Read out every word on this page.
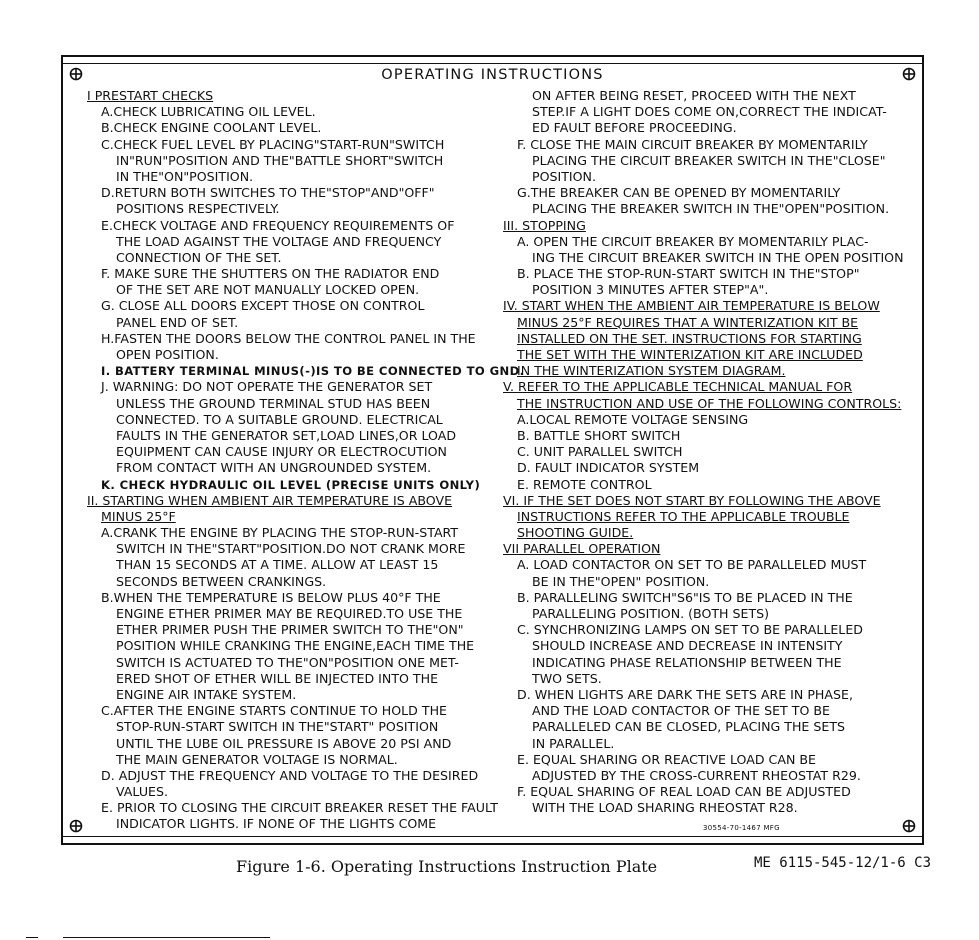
OPERATING INSTRUCTIONS
I PRESTART CHECKS
A.CHECK LUBRICATING OIL LEVEL.
B.CHECK ENGINE COOLANT LEVEL.
C.CHECK FUEL LEVEL BY PLACING"START-RUN"SWITCH
IN"RUN"POSITION AND THE"BATTLE SHORT"SWITCH
IN THE"ON"POSITION.
D.RETURN BOTH SWITCHES TO THE"STOP"AND"OFF"
POSITIONS RESPECTIVELY.
E.CHECK VOLTAGE AND FREQUENCY REQUIREMENTS OF
THE LOAD AGAINST THE VOLTAGE AND FREQUENCY
CONNECTION OF THE SET.
F. MAKE SURE THE SHUTTERS ON THE RADIATOR END
OF THE SET ARE NOT MANUALLY LOCKED OPEN.
G. CLOSE ALL DOORS EXCEPT THOSE ON CONTROL
PANEL END OF SET.
H.FASTEN THE DOORS BELOW THE CONTROL PANEL IN THE
OPEN POSITION.
I. BATTERY TERMINAL MINUS(-)IS TO BE CONNECTED TO GND.
J. WARNING: DO NOT OPERATE THE GENERATOR SET
UNLESS THE GROUND TERMINAL STUD HAS BEEN
CONNECTED. TO A SUITABLE GROUND. ELECTRICAL
FAULTS IN THE GENERATOR SET,LOAD LINES,OR LOAD
EQUIPMENT CAN CAUSE INJURY OR ELECTROCUTION
FROM CONTACT WITH AN UNGROUNDED SYSTEM.
K. CHECK HYDRAULIC OIL LEVEL (PRECISE UNITS ONLY)
II. STARTING WHEN AMBIENT AIR TEMPERATURE IS ABOVE
MINUS 25°F
A.CRANK THE ENGINE BY PLACING THE STOP-RUN-START
SWITCH IN THE"START"POSITION.DO NOT CRANK MORE
THAN 15 SECONDS AT A TIME. ALLOW AT LEAST 15
SECONDS BETWEEN CRANKINGS.
B.WHEN THE TEMPERATURE IS BELOW PLUS 40°F THE
ENGINE ETHER PRIMER MAY BE REQUIRED.TO USE THE
ETHER PRIMER PUSH THE PRIMER SWITCH TO THE"ON"
POSITION WHILE CRANKING THE ENGINE,EACH TIME THE
SWITCH IS ACTUATED TO THE"ON"POSITION ONE MET-
ERED SHOT OF ETHER WILL BE INJECTED INTO THE
ENGINE AIR INTAKE SYSTEM.
C.AFTER THE ENGINE STARTS CONTINUE TO HOLD THE
STOP-RUN-START SWITCH IN THE"START" POSITION
UNTIL THE LUBE OIL PRESSURE IS ABOVE 20 PSI AND
THE MAIN GENERATOR VOLTAGE IS NORMAL.
D. ADJUST THE FREQUENCY AND VOLTAGE TO THE DESIRED
VALUES.
E. PRIOR TO CLOSING THE CIRCUIT BREAKER RESET THE FAULT
INDICATOR LIGHTS. IF NONE OF THE LIGHTS COME
ON AFTER BEING RESET, PROCEED WITH THE NEXT
STEP.IF A LIGHT DOES COME ON,CORRECT THE INDICAT-
ED FAULT BEFORE PROCEEDING.
F. CLOSE THE MAIN CIRCUIT BREAKER BY MOMENTARILY
PLACING THE CIRCUIT BREAKER SWITCH IN THE"CLOSE"
POSITION.
G.THE BREAKER CAN BE OPENED BY MOMENTARILY
PLACING THE BREAKER SWITCH IN THE"OPEN"POSITION.
III. STOPPING
A. OPEN THE CIRCUIT BREAKER BY MOMENTARILY PLAC-
ING THE CIRCUIT BREAKER SWITCH IN THE OPEN POSITION
B. PLACE THE STOP-RUN-START SWITCH IN THE"STOP"
POSITION 3 MINUTES AFTER STEP"A".
IV. START WHEN THE AMBIENT AIR TEMPERATURE IS BELOW
MINUS 25°F REQUIRES THAT A WINTERIZATION KIT BE
INSTALLED ON THE SET. INSTRUCTIONS FOR STARTING
THE SET WITH THE WINTERIZATION KIT ARE INCLUDED
IN THE WINTERIZATION SYSTEM DIAGRAM.
V. REFER TO THE APPLICABLE TECHNICAL MANUAL FOR
THE INSTRUCTION AND USE OF THE FOLLOWING CONTROLS:
A.LOCAL REMOTE VOLTAGE SENSING
B. BATTLE SHORT SWITCH
C. UNIT PARALLEL SWITCH
D. FAULT INDICATOR SYSTEM
E. REMOTE CONTROL
VI. IF THE SET DOES NOT START BY FOLLOWING THE ABOVE
INSTRUCTIONS REFER TO THE APPLICABLE TROUBLE
SHOOTING GUIDE.
VII PARALLEL OPERATION
A. LOAD CONTACTOR ON SET TO BE PARALLELED MUST
BE IN THE"OPEN" POSITION.
B. PARALLELING SWITCH"S6"IS TO BE PLACED IN THE
PARALLELING POSITION. (BOTH SETS)
C. SYNCHRONIZING LAMPS ON SET TO BE PARALLELED
SHOULD INCREASE AND DECREASE IN INTENSITY
INDICATING PHASE RELATIONSHIP BETWEEN THE
TWO SETS.
D. WHEN LIGHTS ARE DARK THE SETS ARE IN PHASE,
AND THE LOAD CONTACTOR OF THE SET TO BE
PARALLELED CAN BE CLOSED, PLACING THE SETS
IN PARALLEL.
E. EQUAL SHARING OR REACTIVE LOAD CAN BE
ADJUSTED BY THE CROSS-CURRENT RHEOSTAT R29.
F. EQUAL SHARING OF REAL LOAD CAN BE ADJUSTED
WITH THE LOAD SHARING RHEOSTAT R28.
30554-70-1467 MFG
Figure 1-6. Operating Instructions Instruction Plate	ME 6115-545-12/1-6 C3
